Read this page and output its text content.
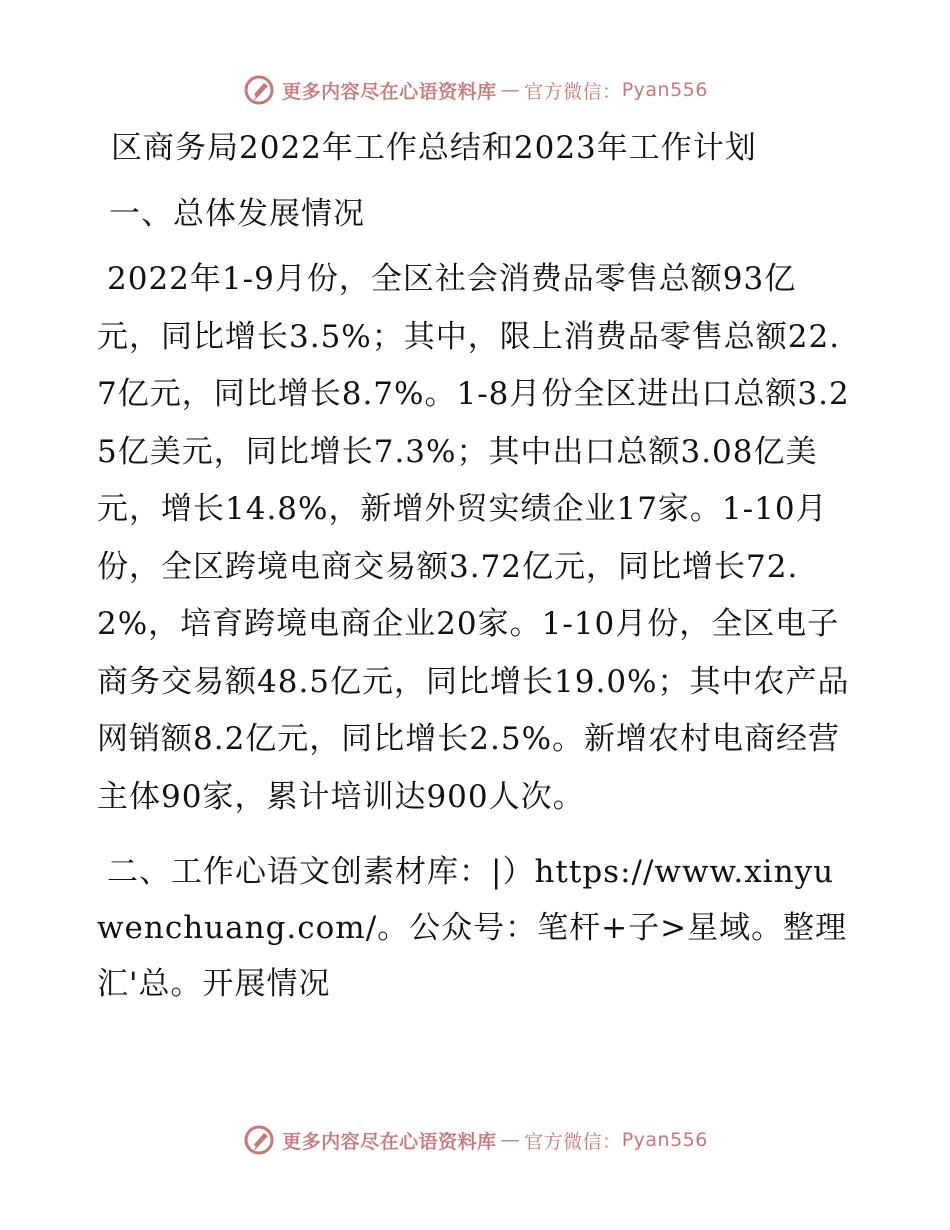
更多内容尽在心语资料库 — 官方微信： Pyan556
区商务局2022年工作总结和2023年工作计划
一、总体发展情况

2022年1-9月份，全区社会消费品零售总额93亿元，同比增长3.5%；其中，限上消费品零售总额22.7亿元，同比增长8.7%。1-8月份全区进出口总额3.25亿美元，同比增长7.3%；其中出口总额3.08亿美元，增长14.8%，新增外贸实绩企业17家。1-10月份，全区跨境电商交易额3.72亿元，同比增长72.2%，培育跨境电商企业20家。1-10月份，全区电子商务交易额48.5亿元，同比增长19.0%；其中农产品网销额8.2亿元，同比增长2.5%。新增农村电商经营主体90家，累计培训达900人次。

二、工作心语文创素材库：|）https://www.xinyuwenchuang.com/。公众号：笔杆+子>星域。整理汇'总。开展情况

更多内容尽在心语资料库 — 官方微信： Pyan556
